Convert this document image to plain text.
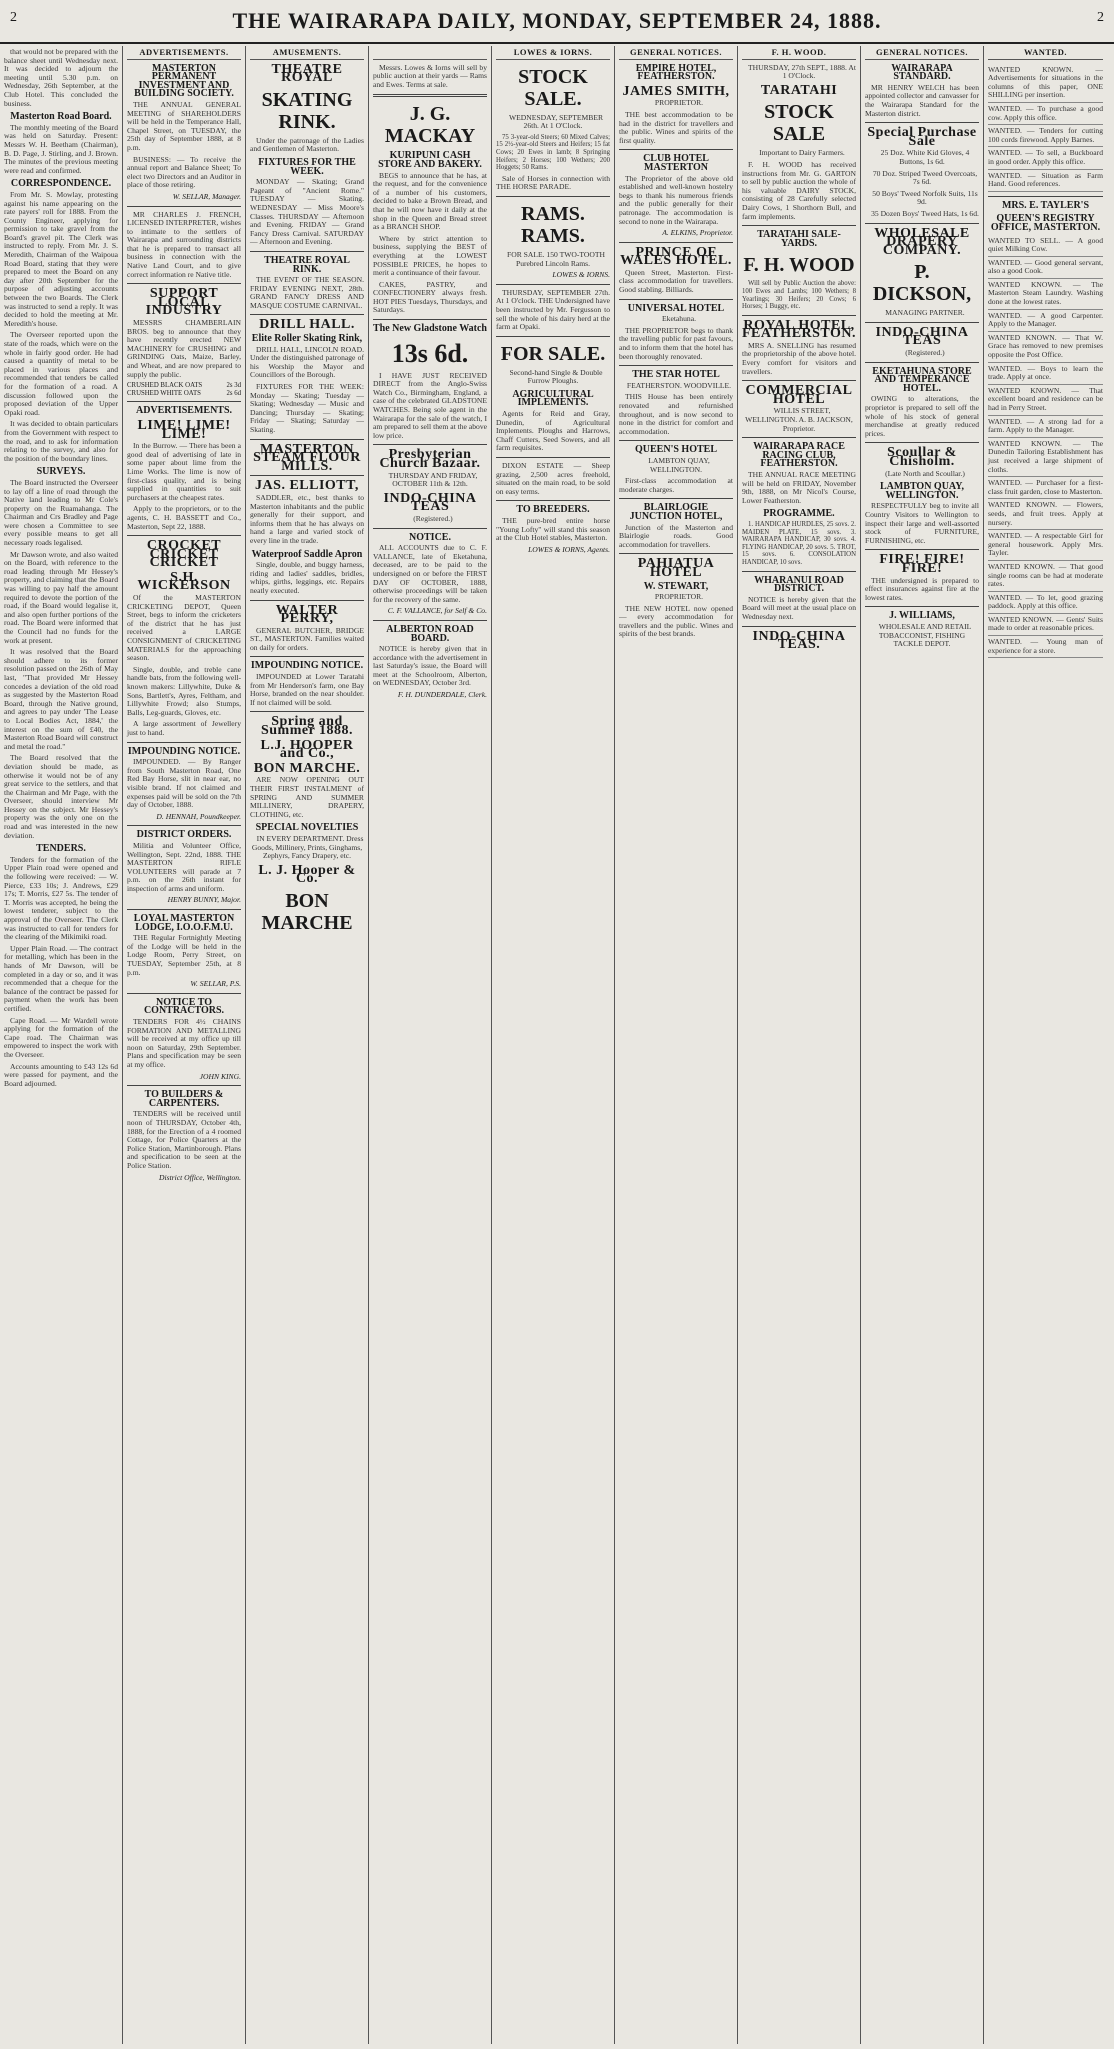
2	THE WAIRARAPA DAILY, MONDAY, SEPTEMBER 24, 1888.	2

that would not be prepared with the balance sheet until Wednesday next. It was decided to adjourn the meeting until 5.30 p.m. on Wednesday, 26th September, at the Club Hotel. This concluded the business.

Masterton Road Board.

The monthly meeting of the Board was held on Saturday. Present: Messrs W. H. Beetham (Chairman), B. D. Page, J. Stirling, and J. Brown. The minutes of the previous meeting were read and confirmed.

CORRESPONDENCE.

From Mr. S. Mowlay, protesting against his name appearing on the rate payers' roll for 1888. From the County Engineer, applying for permission to take gravel from the Board's gravel pit. The Clerk was instructed to reply. From Mr. J. S. Meredith, Chairman of the Waipoua Road Board, stating that they were prepared to meet the Board on any day after 20th September for the purpose of adjusting accounts between the two Boards. The Clerk was instructed to send a reply. It was decided to hold the meeting at Mr. Meredith's house.

The Overseer reported upon the state of the roads, which were on the whole in fairly good order. He had caused a quantity of metal to be placed in various places and recommended that tenders be called for the formation of a road. A discussion followed upon the proposed deviation of the Upper Opaki road.

It was decided to obtain particulars from the Government with respect to the road, and to ask for information relating to the survey, and also for the position of the boundary lines.

SURVEYS.

The Board instructed the Overseer to lay off a line of road through the Native land leading to Mr Cole's property on the Ruamahanga. The Chairman and Crs Bradley and Page were chosen a Committee to see every possible means to get all necessary roads legalised.

Mr Dawson wrote, and also waited on the Board, with reference to the road leading through Mr Hessey's property, and claiming that the Board was willing to pay half the amount required to devote the portion of the road, if the Board would legalise it, and also open further portions of the road. The Board were informed that the Council had no funds for the work at present.

It was resolved that the Board should adhere to its former resolution passed on the 26th of May last, "That provided Mr Hessey concedes a deviation of the old road as suggested by the Masterton Road Board, through the Native ground, and agrees to pay under 'The Lease to Local Bodies Act, 1884,' the interest on the sum of £40, the Masterton Road Board will construct and metal the road."

The Board resolved that the deviation should be made, as otherwise it would not be of any great service to the settlers, and that the Chairman and Mr Page, with the Overseer, should interview Mr Hessey on the subject. Mr Hessey's property was the only one on the road and was interested in the new deviation.

TENDERS.

Tenders for the formation of the Upper Plain road were opened and the following were received: — W. Pierce, £33 10s; J. Andrews, £29 17s; T. Morris, £27 5s. The tender of T. Morris was accepted, he being the lowest tenderer, subject to the approval of the Overseer. The Clerk was instructed to call for tenders for the clearing of the Mikimiki road.

Upper Plain Road. — The contract for metalling, which has been in the hands of Mr Dawson, will be completed in a day or so, and it was recommended that a cheque for the balance of the contract be passed for payment when the work has been certified.

Cape Road. — Mr Wardell wrote applying for the formation of the Cape road. The Chairman was empowered to inspect the work with the Overseer.

Accounts amounting to £43 12s 6d were passed for payment, and the Board adjourned.

ADVERTISEMENTS.
MASTERTON PERMANENT INVESTMENT AND BUILDING SOCIETY.

THE ANNUAL GENERAL MEETING of SHAREHOLDERS will be held in the Temperance Hall, Chapel Street, on TUESDAY, the 25th day of September 1888, at 8 p.m.

BUSINESS: — To receive the annual report and Balance Sheet; To elect two Directors and an Auditor in place of those retiring.

W. SELLAR, Manager.

MR CHARLES J. FRENCH, LICENSED INTERPRETER, wishes to intimate to the settlers of Wairarapa and surrounding districts that he is prepared to transact all business in connection with the Native Land Court, and to give correct information re Native title.

SUPPORT LOCAL INDUSTRY

MESSRS CHAMBERLAIN BROS. beg to announce that they have recently erected NEW MACHINERY for CRUSHING and GRINDING Oats, Maize, Barley, and Wheat, and are now prepared to supply the public.

CRUSHED BLACK OATS	2s 3d
CRUSHED WHITE OATS	2s 6d
ADVERTISEMENTS.
LIME! LIME! LIME!

In the Burrow. — There has been a good deal of advertising of late in some paper about lime from the Lime Works. The lime is now of first-class quality, and is being supplied in quantities to suit purchasers at the cheapest rates.

Apply to the proprietors, or to the agents, C. H. BASSETT and Co., Masterton, Sept 22, 1888.

CROCKET CRICKET CRICKET
S.H. WICKERSON

Of the MASTERTON CRICKETING DEPOT, Queen Street, begs to inform the cricketers of the district that he has just received a LARGE CONSIGNMENT of CRICKETING MATERIALS for the approaching season.

Single, double, and treble cane handle bats, from the following well-known makers: Lillywhite, Duke & Sons, Bartlett's, Ayres, Feltham, and Lillywhite Frowd; also Stumps, Balls, Leg-guards, Gloves, etc.

A large assortment of Jewellery just to hand.

IMPOUNDING NOTICE.

IMPOUNDED. — By Ranger from South Masterton Road, One Red Bay Horse, slit in near ear, no visible brand. If not claimed and expenses paid will be sold on the 7th day of October, 1888.

D. HENNAH, Poundkeeper.

DISTRICT ORDERS.

Militia and Volunteer Office, Wellington, Sept. 22nd, 1888. THE MASTERTON RIFLE VOLUNTEERS will parade at 7 p.m. on the 26th instant for inspection of arms and uniform.

HENRY BUNNY, Major.

LOYAL MASTERTON LODGE, I.O.O.F.M.U.

THE Regular Fortnightly Meeting of the Lodge will be held in the Lodge Room, Perry Street, on TUESDAY, September 25th, at 8 p.m.

W. SELLAR, P.S.

NOTICE TO CONTRACTORS.

TENDERS FOR 4½ CHAINS FORMATION AND METALLING will be received at my office up till noon on Saturday, 29th September. Plans and specification may be seen at my office.

JOHN KING.

TO BUILDERS & CARPENTERS.

TENDERS will be received until noon of THURSDAY, October 4th, 1888, for the Erection of a 4 roomed Cottage, for Police Quarters at the Police Station, Martinborough. Plans and specification to be seen at the Police Station.

District Office, Wellington.

AMUSEMENTS.
THEATRE ROYAL
SKATING RINK.

Under the patronage of the Ladies and Gentlemen of Masterton.

FIXTURES FOR THE WEEK.

MONDAY — Skating; Grand Pageant of "Ancient Rome." TUESDAY — Skating. WEDNESDAY — Miss Moore's Classes. THURSDAY — Afternoon and Evening. FRIDAY — Grand Fancy Dress Carnival. SATURDAY — Afternoon and Evening.

THEATRE ROYAL RINK.

THE EVENT OF THE SEASON. FRIDAY EVENING NEXT, 28th. GRAND FANCY DRESS AND MASQUE COSTUME CARNIVAL.

DRILL HALL.
Elite Roller Skating Rink,

DRILL HALL, LINCOLN ROAD. Under the distinguished patronage of his Worship the Mayor and Councillors of the Borough.

FIXTURES FOR THE WEEK: Monday — Skating; Tuesday — Skating; Wednesday — Music and Dancing; Thursday — Skating; Friday — Skating; Saturday — Skating.

MASTERTON STEAM FLOUR MILLS.
JAS. ELLIOTT,

SADDLER, etc., best thanks to Masterton inhabitants and the public generally for their support, and informs them that he has always on hand a large and varied stock of every line in the trade.

Waterproof Saddle Apron

Single, double, and buggy harness, riding and ladies' saddles, bridles, whips, girths, leggings, etc. Repairs neatly executed.

WALTER PERRY,

GENERAL BUTCHER, BRIDGE ST., MASTERTON. Families waited on daily for orders.

IMPOUNDING NOTICE.

IMPOUNDED at Lower Taratahi from Mr Henderson's farm, one Bay Horse, branded on the near shoulder. If not claimed will be sold.

Spring and Summer 1888.
L.J. HOOPER and Co.,
BON MARCHE.

ARE NOW OPENING OUT THEIR FIRST INSTALMENT of SPRING AND SUMMER MILLINERY, DRAPERY, CLOTHING, etc.

SPECIAL NOVELTIES

IN EVERY DEPARTMENT. Dress Goods, Millinery, Prints, Ginghams, Zephyrs, Fancy Drapery, etc.

L. J. Hooper & Co.
BON MARCHE

Messrs. Lowes & Iorns will sell by public auction at their yards — Rams and Ewes. Terms at sale.

J. G. MACKAY
KURIPUNI CASH STORE AND BAKERY.

BEGS to announce that he has, at the request, and for the convenience of a number of his customers, decided to bake a Brown Bread, and that he will now have it daily at the shop in the Queen and Bread street as a BRANCH SHOP.

Where by strict attention to business, supplying the BEST of everything at the LOWEST POSSIBLE PRICES, he hopes to merit a continuance of their favour.

CAKES, PASTRY, and CONFECTIONERY always fresh. HOT PIES Tuesdays, Thursdays, and Saturdays.

The New Gladstone Watch
13s 6d.

I HAVE JUST RECEIVED DIRECT from the Anglo-Swiss Watch Co., Birmingham, England, a case of the celebrated GLADSTONE WATCHES. Being sole agent in the Wairarapa for the sale of the watch, I am prepared to sell them at the above low price.

Presbyterian Church Bazaar.

THURSDAY AND FRIDAY, OCTOBER 11th & 12th.

INDO-CHINA TEAS

(Registered.)

NOTICE.

ALL ACCOUNTS due to C. F. VALLANCE, late of Eketahuna, deceased, are to be paid to the undersigned on or before the FIRST DAY OF OCTOBER, 1888, otherwise proceedings will be taken for the recovery of the same.

C. F. VALLANCE, for Self & Co.

ALBERTON ROAD BOARD.

NOTICE is hereby given that in accordance with the advertisement in last Saturday's issue, the Board will meet at the Schoolroom, Alberton, on WEDNESDAY, October 3rd.

F. H. DUNDERDALE, Clerk.

LOWES & IORNS.
STOCK SALE.

WEDNESDAY, SEPTEMBER 26th. At 1 O'Clock.

75 3-year-old Steers; 60 Mixed Calves; 15 2½-year-old Steers and Heifers; 15 fat Cows; 20 Ewes in lamb; 8 Springing Heifers; 2 Horses; 100 Wethers; 200 Hoggets; 50 Rams.

Sale of Horses in connection with THE HORSE PARADE.

RAMS. RAMS.

FOR SALE. 150 TWO-TOOTH Purebred Lincoln Rams.

LOWES & IORNS.

THURSDAY, SEPTEMBER 27th. At 1 O'clock. THE Undersigned have been instructed by Mr. Fergusson to sell the whole of his dairy herd at the farm at Opaki.

FOR SALE.

Second-hand Single & Double Furrow Ploughs.

AGRICULTURAL IMPLEMENTS.

Agents for Reid and Gray, Dunedin, of Agricultural Implements. Ploughs and Harrows, Chaff Cutters, Seed Sowers, and all farm requisites.

DIXON ESTATE — Sheep grazing, 2,500 acres freehold, situated on the main road, to be sold on easy terms.

TO BREEDERS.

THE pure-bred entire horse "Young Lofty" will stand this season at the Club Hotel stables, Masterton.

LOWES & IORNS, Agents.

GENERAL NOTICES.
EMPIRE HOTEL, FEATHERSTON.
JAMES SMITH,

PROPRIETOR.

THE best accommodation to be had in the district for travellers and the public. Wines and spirits of the first quality.

CLUB HOTEL MASTERTON

The Proprietor of the above old established and well-known hostelry begs to thank his numerous friends and the public generally for their patronage. The accommodation is second to none in the Wairarapa.

A. ELKINS, Proprietor.

PRINCE OF WALES HOTEL.

Queen Street, Masterton. First-class accommodation for travellers. Good stabling. Billiards.

UNIVERSAL HOTEL

Eketahuna.

THE PROPRIETOR begs to thank the travelling public for past favours, and to inform them that the hotel has been thoroughly renovated.

THE STAR HOTEL

FEATHERSTON. WOODVILLE.

THIS House has been entirely renovated and refurnished throughout, and is now second to none in the district for comfort and accommodation.

QUEEN'S HOTEL

LAMBTON QUAY, WELLINGTON.

First-class accommodation at moderate charges.

BLAIRLOGIE JUNCTION HOTEL,

Junction of the Masterton and Blairlogie roads. Good accommodation for travellers.

PAHIATUA HOTEL
W. STEWART,

PROPRIETOR.

THE NEW HOTEL now opened — every accommodation for travellers and the public. Wines and spirits of the best brands.

F. H. WOOD.

THURSDAY, 27th SEPT., 1888. At 1 O'Clock.

TARATAHI
STOCK SALE

Important to Dairy Farmers.

F. H. WOOD has received instructions from Mr. G. GARTON to sell by public auction the whole of his valuable DAIRY STOCK, consisting of 28 Carefully selected Dairy Cows, 1 Shorthorn Bull, and farm implements.

TARATAHI SALE-YARDS.
F. H. WOOD

Will sell by Public Auction the above: 100 Ewes and Lambs; 100 Wethers; 8 Yearlings; 30 Heifers; 20 Cows; 6 Horses; 1 Buggy, etc.

ROYAL HOTEL, FEATHERSTON.

MRS A. SNELLING has resumed the proprietorship of the above hotel. Every comfort for visitors and travellers.

COMMERCIAL HOTEL

WILLIS STREET, WELLINGTON. A. B. JACKSON, Proprietor.

WAIRARAPA RACE RACING CLUB, FEATHERSTON.

THE ANNUAL RACE MEETING will be held on FRIDAY, November 9th, 1888, on Mr Nicol's Course, Lower Featherston.

PROGRAMME.

1. HANDICAP HURDLES, 25 sovs. 2. MAIDEN PLATE, 15 sovs. 3. WAIRARAPA HANDICAP, 30 sovs. 4. FLYING HANDICAP, 20 sovs. 5. TROT, 15 sovs. 6. CONSOLATION HANDICAP, 10 sovs.

WHARANUI ROAD DISTRICT.

NOTICE is hereby given that the Board will meet at the usual place on Wednesday next.

INDO-CHINA TEAS.
GENERAL NOTICES.
WAIRARAPA STANDARD.

MR HENRY WELCH has been appointed collector and canvasser for the Wairarapa Standard for the Masterton district.

Special Purchase Sale

25 Doz. White Kid Gloves, 4 Buttons, 1s 6d.

70 Doz. Striped Tweed Overcoats, 7s 6d.

50 Boys' Tweed Norfolk Suits, 11s 9d.

35 Dozen Boys' Tweed Hats, 1s 6d.

WHOLESALE DRAPERY COMPANY.
P. DICKSON,

MANAGING PARTNER.

INDO-CHINA TEAS

(Registered.)

EKETAHUNA STORE AND TEMPERANCE HOTEL.

OWING to alterations, the proprietor is prepared to sell off the whole of his stock of general merchandise at greatly reduced prices.

Scoullar & Chisholm.

(Late North and Scoullar.)

LAMBTON QUAY, WELLINGTON.

RESPECTFULLY beg to invite all Country Visitors to Wellington to inspect their large and well-assorted stock of FURNITURE, FURNISHING, etc.

FIRE! FIRE! FIRE!

THE undersigned is prepared to effect insurances against fire at the lowest rates.

J. WILLIAMS,

WHOLESALE AND RETAIL TOBACCONIST, FISHING TACKLE DEPOT.

WANTED.
WANTED KNOWN. — Advertisements for situations in the columns of this paper, ONE SHILLING per insertion.
WANTED. — To purchase a good cow. Apply this office.
WANTED. — Tenders for cutting 100 cords firewood. Apply Barnes.
WANTED. — To sell, a Buckboard in good order. Apply this office.
WANTED. — Situation as Farm Hand. Good references.
MRS. E. TAYLER'S
QUEEN'S REGISTRY OFFICE, MASTERTON.
WANTED TO SELL. — A good quiet Milking Cow.
WANTED. — Good general servant, also a good Cook.
WANTED KNOWN. — The Masterton Steam Laundry. Washing done at the lowest rates.
WANTED. — A good Carpenter. Apply to the Manager.
WANTED KNOWN. — That W. Grace has removed to new premises opposite the Post Office.
WANTED. — Boys to learn the trade. Apply at once.
WANTED KNOWN. — That excellent board and residence can be had in Perry Street.
WANTED. — A strong lad for a farm. Apply to the Manager.
WANTED KNOWN. — The Dunedin Tailoring Establishment has just received a large shipment of cloths.
WANTED. — Purchaser for a first-class fruit garden, close to Masterton.
WANTED KNOWN. — Flowers, seeds, and fruit trees. Apply at nursery.
WANTED. — A respectable Girl for general housework. Apply Mrs. Tayler.
WANTED KNOWN. — That good single rooms can be had at moderate rates.
WANTED. — To let, good grazing paddock. Apply at this office.
WANTED KNOWN. — Gents' Suits made to order at reasonable prices.
WANTED. — Young man of experience for a store.
